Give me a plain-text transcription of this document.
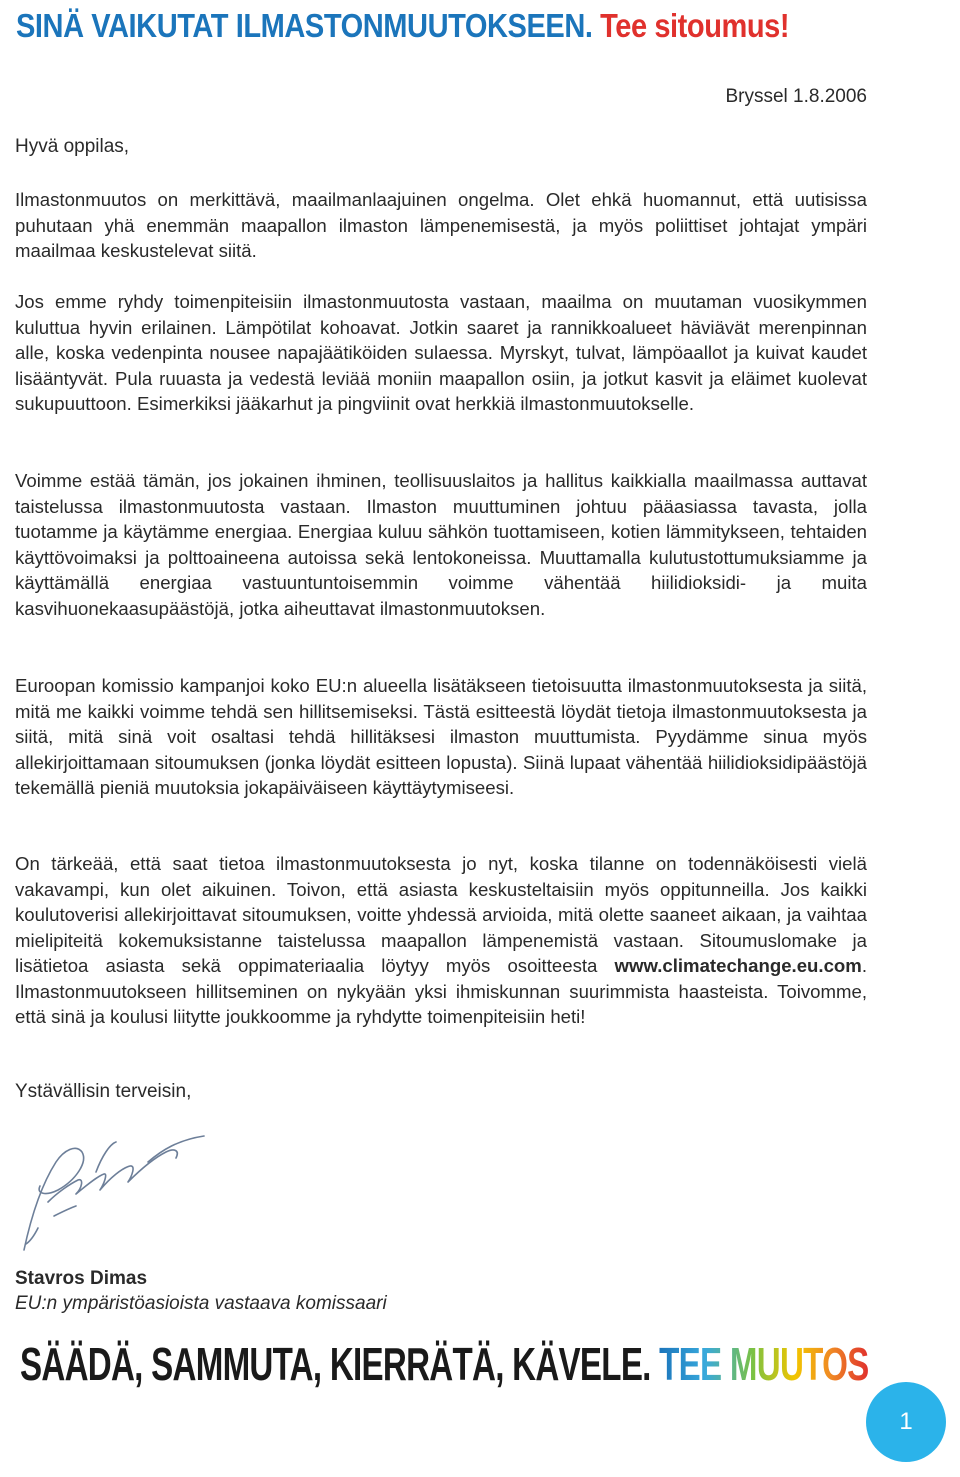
SINÄ VAIKUTAT ILMASTONMUUTOKSEEN. Tee sitoumus!
Bryssel 1.8.2006
Hyvä oppilas,

Ilmastonmuutos on merkittävä, maailmanlaajuinen ongelma. Olet ehkä huomannut, että uutisissa puhutaan yhä enemmän maapallon ilmaston lämpenemisestä, ja myös poliittiset johtajat ympäri maailmaa keskustelevat siitä.

Jos emme ryhdy toimenpiteisiin ilmastonmuutosta vastaan, maailma on muutaman vuosikymmen kuluttua hyvin erilainen. Lämpötilat kohoavat. Jotkin saaret ja rannikkoalueet häviävät merenpinnan alle, koska vedenpinta nousee napajäätiköiden sulaessa. Myrskyt, tulvat, lämpöaallot ja kuivat kaudet lisääntyvät. Pula ruuasta ja vedestä leviää moniin maapallon osiin, ja jotkut kasvit ja eläimet kuolevat sukupuuttoon. Esimerkiksi jääkarhut ja pingviinit ovat herkkiä ilmastonmuutokselle.

Voimme estää tämän, jos jokainen ihminen, teollisuuslaitos ja hallitus kaikkialla maailmassa auttavat taistelussa ilmastonmuutosta vastaan. Ilmaston muuttuminen johtuu pääasiassa tavasta, jolla tuotamme ja käytämme energiaa. Energiaa kuluu sähkön tuottamiseen, kotien lämmitykseen, tehtaiden käyttövoimaksi ja polttoaineena autoissa sekä lentokoneissa. Muuttamalla kulutustottumuksiamme ja käyttämällä energiaa vastuuntuntoisemmin voimme vähentää hiilidioksidi- ja muita kasvihuonekaasupäästöjä, jotka aiheuttavat ilmastonmuutoksen.

Euroopan komissio kampanjoi koko EU:n alueella lisätäkseen tietoisuutta ilmastonmuutoksesta ja siitä, mitä me kaikki voimme tehdä sen hillitsemiseksi. Tästä esitteestä löydät tietoja ilmastonmuutoksesta ja siitä, mitä sinä voit osaltasi tehdä hillitäksesi ilmaston muuttumista. Pyydämme sinua myös allekirjoittamaan sitoumuksen (jonka löydät esitteen lopusta). Siinä lupaat vähentää hiilidioksidipäästöjä tekemällä pieniä muutoksia jokapäiväiseen käyttäytymiseesi.

On tärkeää, että saat tietoa ilmastonmuutoksesta jo nyt, koska tilanne on todennäköisesti vielä vakavampi, kun olet aikuinen. Toivon, että asiasta keskusteltaisiin myös oppitunneilla. Jos kaikki koulutoverisi allekirjoittavat sitoumuksen, voitte yhdessä arvioida, mitä olette saaneet aikaan, ja vaihtaa mielipiteitä kokemuksistanne taistelussa maapallon lämpenemistä vastaan. Sitoumuslomake ja lisätietoa asiasta sekä oppimateriaalia löytyy myös osoitteesta www.climatechange.eu.com. Ilmastonmuutokseen hillitseminen on nykyään yksi ihmiskunnan suurimmista haasteista. Toivomme, että sinä ja koulusi liitytte joukkoomme ja ryhdytte toimenpiteisiin heti!

Ystävällisin terveisin,
Stavros Dimas
EU:n ympäristöasioista vastaava komissaari
SÄÄDÄ, SAMMUTA, KIERRÄTÄ, KÄVELE. TEE MUUTOS
1
